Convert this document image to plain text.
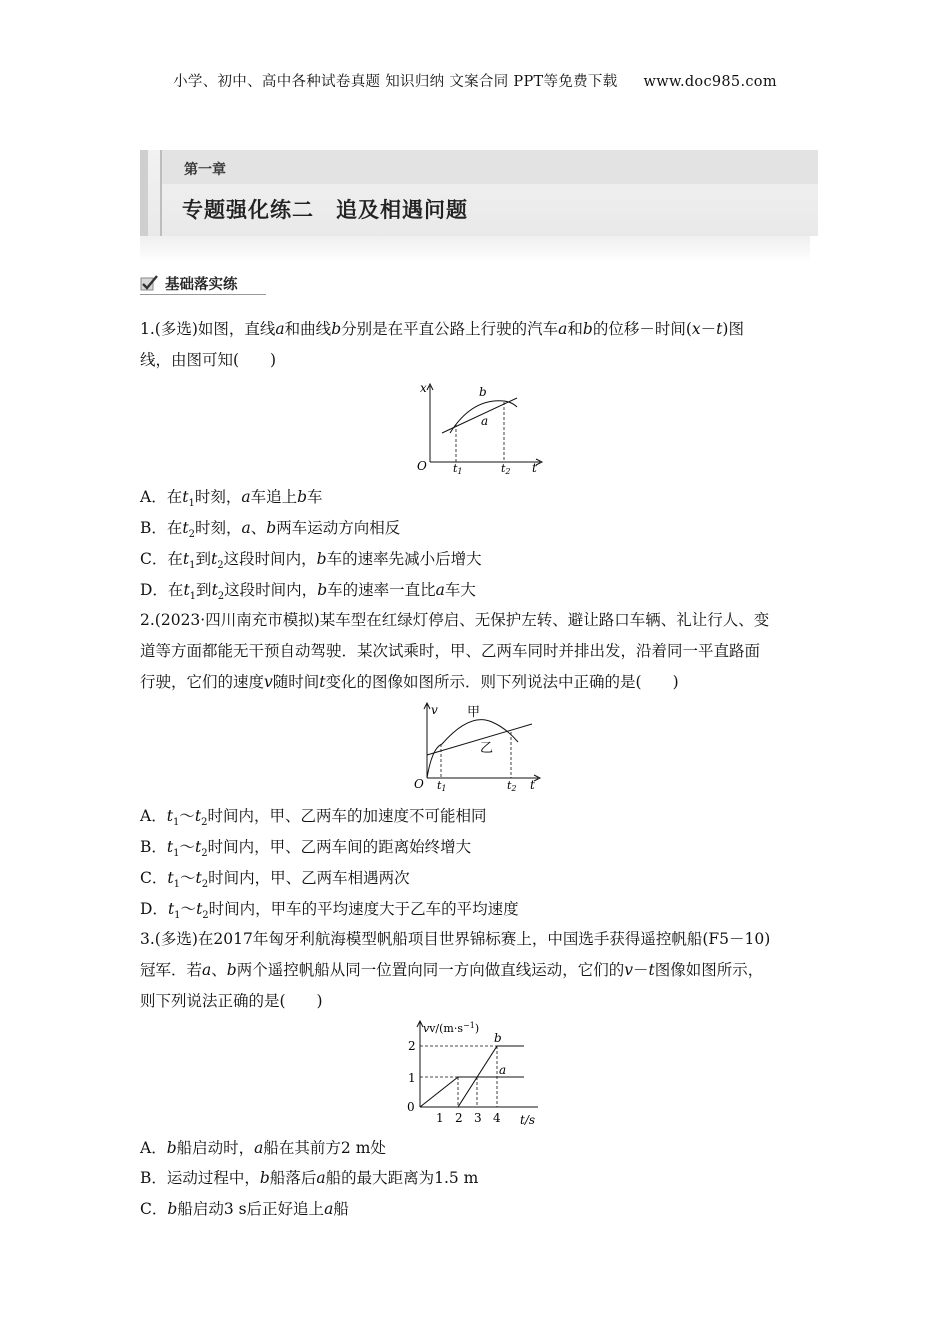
小学、初中、高中各种试卷真题 知识归纳 文案合同 PPT等免费下载 www.doc985.com
第一章
专题强化练二 追及相遇问题
基础落实练
1.(多选)如图，直线a和曲线b分别是在平直公路上行驶的汽车a和b的位移－时间(x－t)图
线，由图可知(　　)
x
t
O
b
a
t1	t2
A．在$t_1$时刻，a车追上b车
B．在$t_2$时刻，a、b两车运动方向相反
C．在$t_1$到$t_2$这段时间内，b车的速率先减小后增大
D．在$t_1$到$t_2$这段时间内，b车的速率一直比a车大
2.(2023·四川南充市模拟)某车型在红绿灯停启、无保护左转、避让路口车辆、礼让行人、变
道等方面都能无干预自动驾驶．某次试乘时，甲、乙两车同时并排出发，沿着同一平直路面
行驶，它们的速度v随时间t变化的图像如图所示．则下列说法中正确的是(　　)
v
t
O
甲
乙
t1	t2
A．$t_1\sim t_2$时间内，甲、乙两车的加速度不可能相同
B．$t_1\sim t_2$时间内，甲、乙两车间的距离始终增大
C．$t_1\sim t_2$时间内，甲、乙两车相遇两次
D．$t_1\sim t_2$时间内，甲车的平均速度大于乙车的平均速度
3.(多选)在2017年匈牙利航海模型帆船项目世界锦标赛上，中国选手获得遥控帆船(F5－10)
冠军．若a、b两个遥控帆船从同一位置向同一方向做直线运动，它们的v－t图像如图所示，
则下列说法正确的是(　　)
$vv/(m\cdot s^{-1})$
t/s
0
1
2
1 2 3 4
a
b
A．b船启动时，a船在其前方2 m处
B．运动过程中，b船落后a船的最大距离为1.5 m
C．b船启动3 s后正好追上a船
